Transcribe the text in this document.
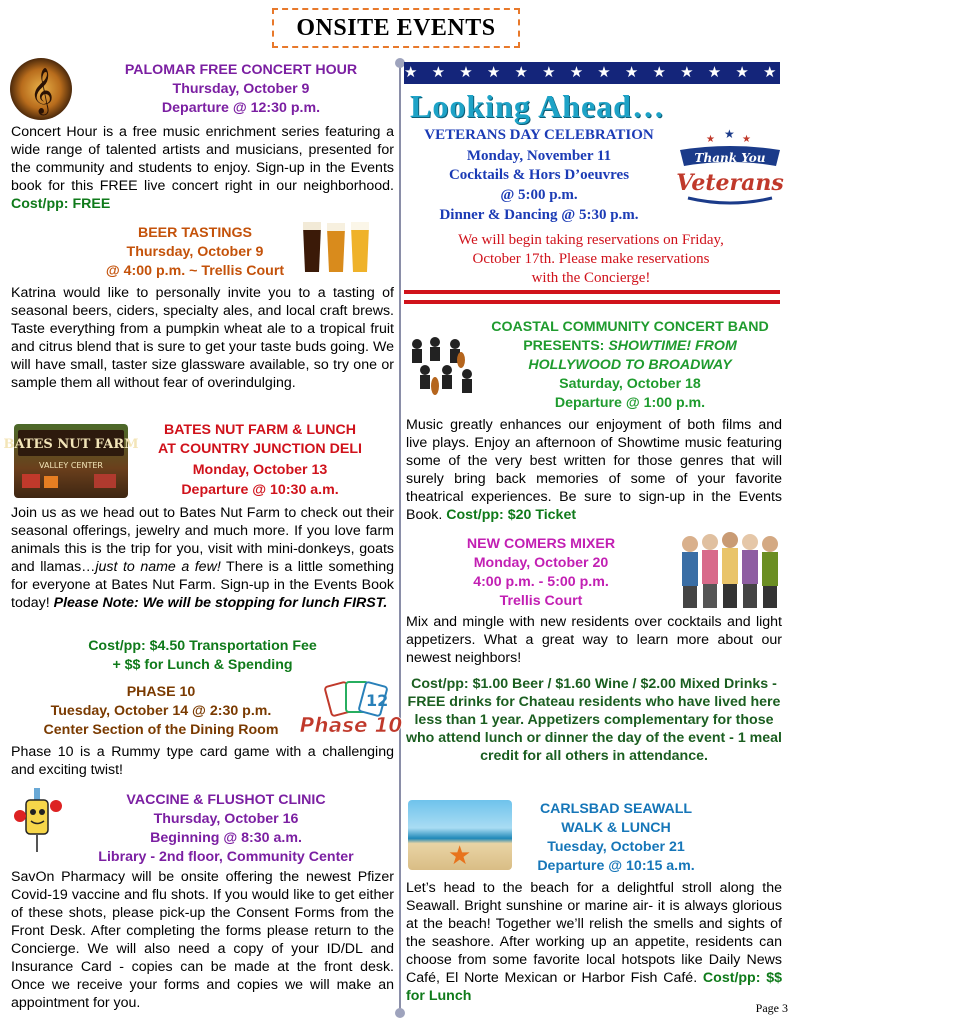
ONSITE EVENTS
𝄞	PALOMAR FREE CONCERT HOUR
Thursday, October 9
Departure @ 12:30 p.m.
Concert Hour is a free music enrichment series featuring a wide range of talented artists and musicians, presented for the community and students to enjoy. Sign-up in the Events book for this FREE live concert right in our neighborhood. Cost/pp: FREE
BEER TASTINGS
Thursday, October 9
@ 4:00 p.m. ~ Trellis Court
Katrina would like to personally invite you to a tasting of seasonal beers, ciders, specialty ales, and local craft brews. Taste everything from a pumpkin wheat ale to a tropical fruit and citrus blend that is sure to get your taste buds going. We will have small, taster size glassware available, so try one or sample them all without fear of overindulging.
BATES NUT FARM
VALLEY CENTER
BATES NUT FARM & LUNCH
AT COUNTRY JUNCTION DELI
Monday, October 13
Departure @ 10:30 a.m.
Join us as we head out to Bates Nut Farm to check out their seasonal offerings, jewelry and much more. If you love farm animals this is the trip for you, visit with mini-donkeys, goats and llamas…just to name a few! There is a little something for everyone at Bates Nut Farm. Sign-up in the Events Book today! Please Note: We will be stopping for lunch FIRST.
Cost/pp: $4.50 Transportation Fee
+ $$ for Lunch & Spending
PHASE 10
Tuesday, October 14 @ 2:30 p.m.
Center Section of the Dining Room
12
Phase 10
Phase 10 is a Rummy type card game with a challenging and exciting twist!
VACCINE & FLUSHOT CLINIC
Thursday, October 16
Beginning @ 8:30 a.m.
Library - 2nd floor, Community Center
SavOn Pharmacy will be onsite offering the newest Pfizer Covid-19 vaccine and flu shots. If you would like to get either of these shots, please pick-up the Consent Forms from the Front Desk. After completing the forms please return to the Concierge. We will also need a copy of your ID/DL and Insurance Card - copies can be made at the front desk. Once we receive your forms and copies we will make an appointment for you.
★ ★ ★ ★ ★ ★ ★ ★ ★ ★ ★ ★ ★ ★ ★ ★ ★ ★ ★ ★ ★
Looking Ahead…
VETERANS DAY CELEBRATION
Monday, November 11
Cocktails & Hors D’oeuvres
@ 5:00 p.m.
Dinner & Dancing @ 5:30 p.m.
★ ★ ★
Thank You
Veterans
We will begin taking reservations on Friday,
October 17th. Please make reservations
with the Concierge!
COASTAL COMMUNITY CONCERT BAND
PRESENTS: SHOWTIME! FROM
HOLLYWOOD TO BROADWAY
Saturday, October 18
Departure @ 1:00 p.m.
Music greatly enhances our enjoyment of both films and live plays. Enjoy an afternoon of Showtime music featuring some of the very best written for those genres that will surely bring back memories of some of your favorite theatrical experiences. Be sure to sign-up in the Events Book. Cost/pp: $20 Ticket
NEW COMERS MIXER
Monday, October 20
4:00 p.m. - 5:00 p.m.
Trellis Court
Mix and mingle with new residents over cocktails and light appetizers. What a great way to learn more about our newest neighbors!
Cost/pp: $1.00 Beer / $1.60 Wine / $2.00 Mixed Drinks - FREE drinks for Chateau residents who have lived here less than 1 year. Appetizers complementary for those who attend lunch or dinner the day of the event - 1 meal credit for all others in attendance.
★
CARLSBAD SEAWALL
WALK & LUNCH
Tuesday, October 21
Departure @ 10:15 a.m.
Let’s head to the beach for a delightful stroll along the Seawall. Bright sunshine or marine air- it is always glorious at the beach! Together we’ll relish the smells and sights of the seashore. After working up an appetite, residents can choose from some favorite local hotspots like Daily News Café, El Norte Mexican or Harbor Fish Café. Cost/pp: $$ for Lunch
Page 3
